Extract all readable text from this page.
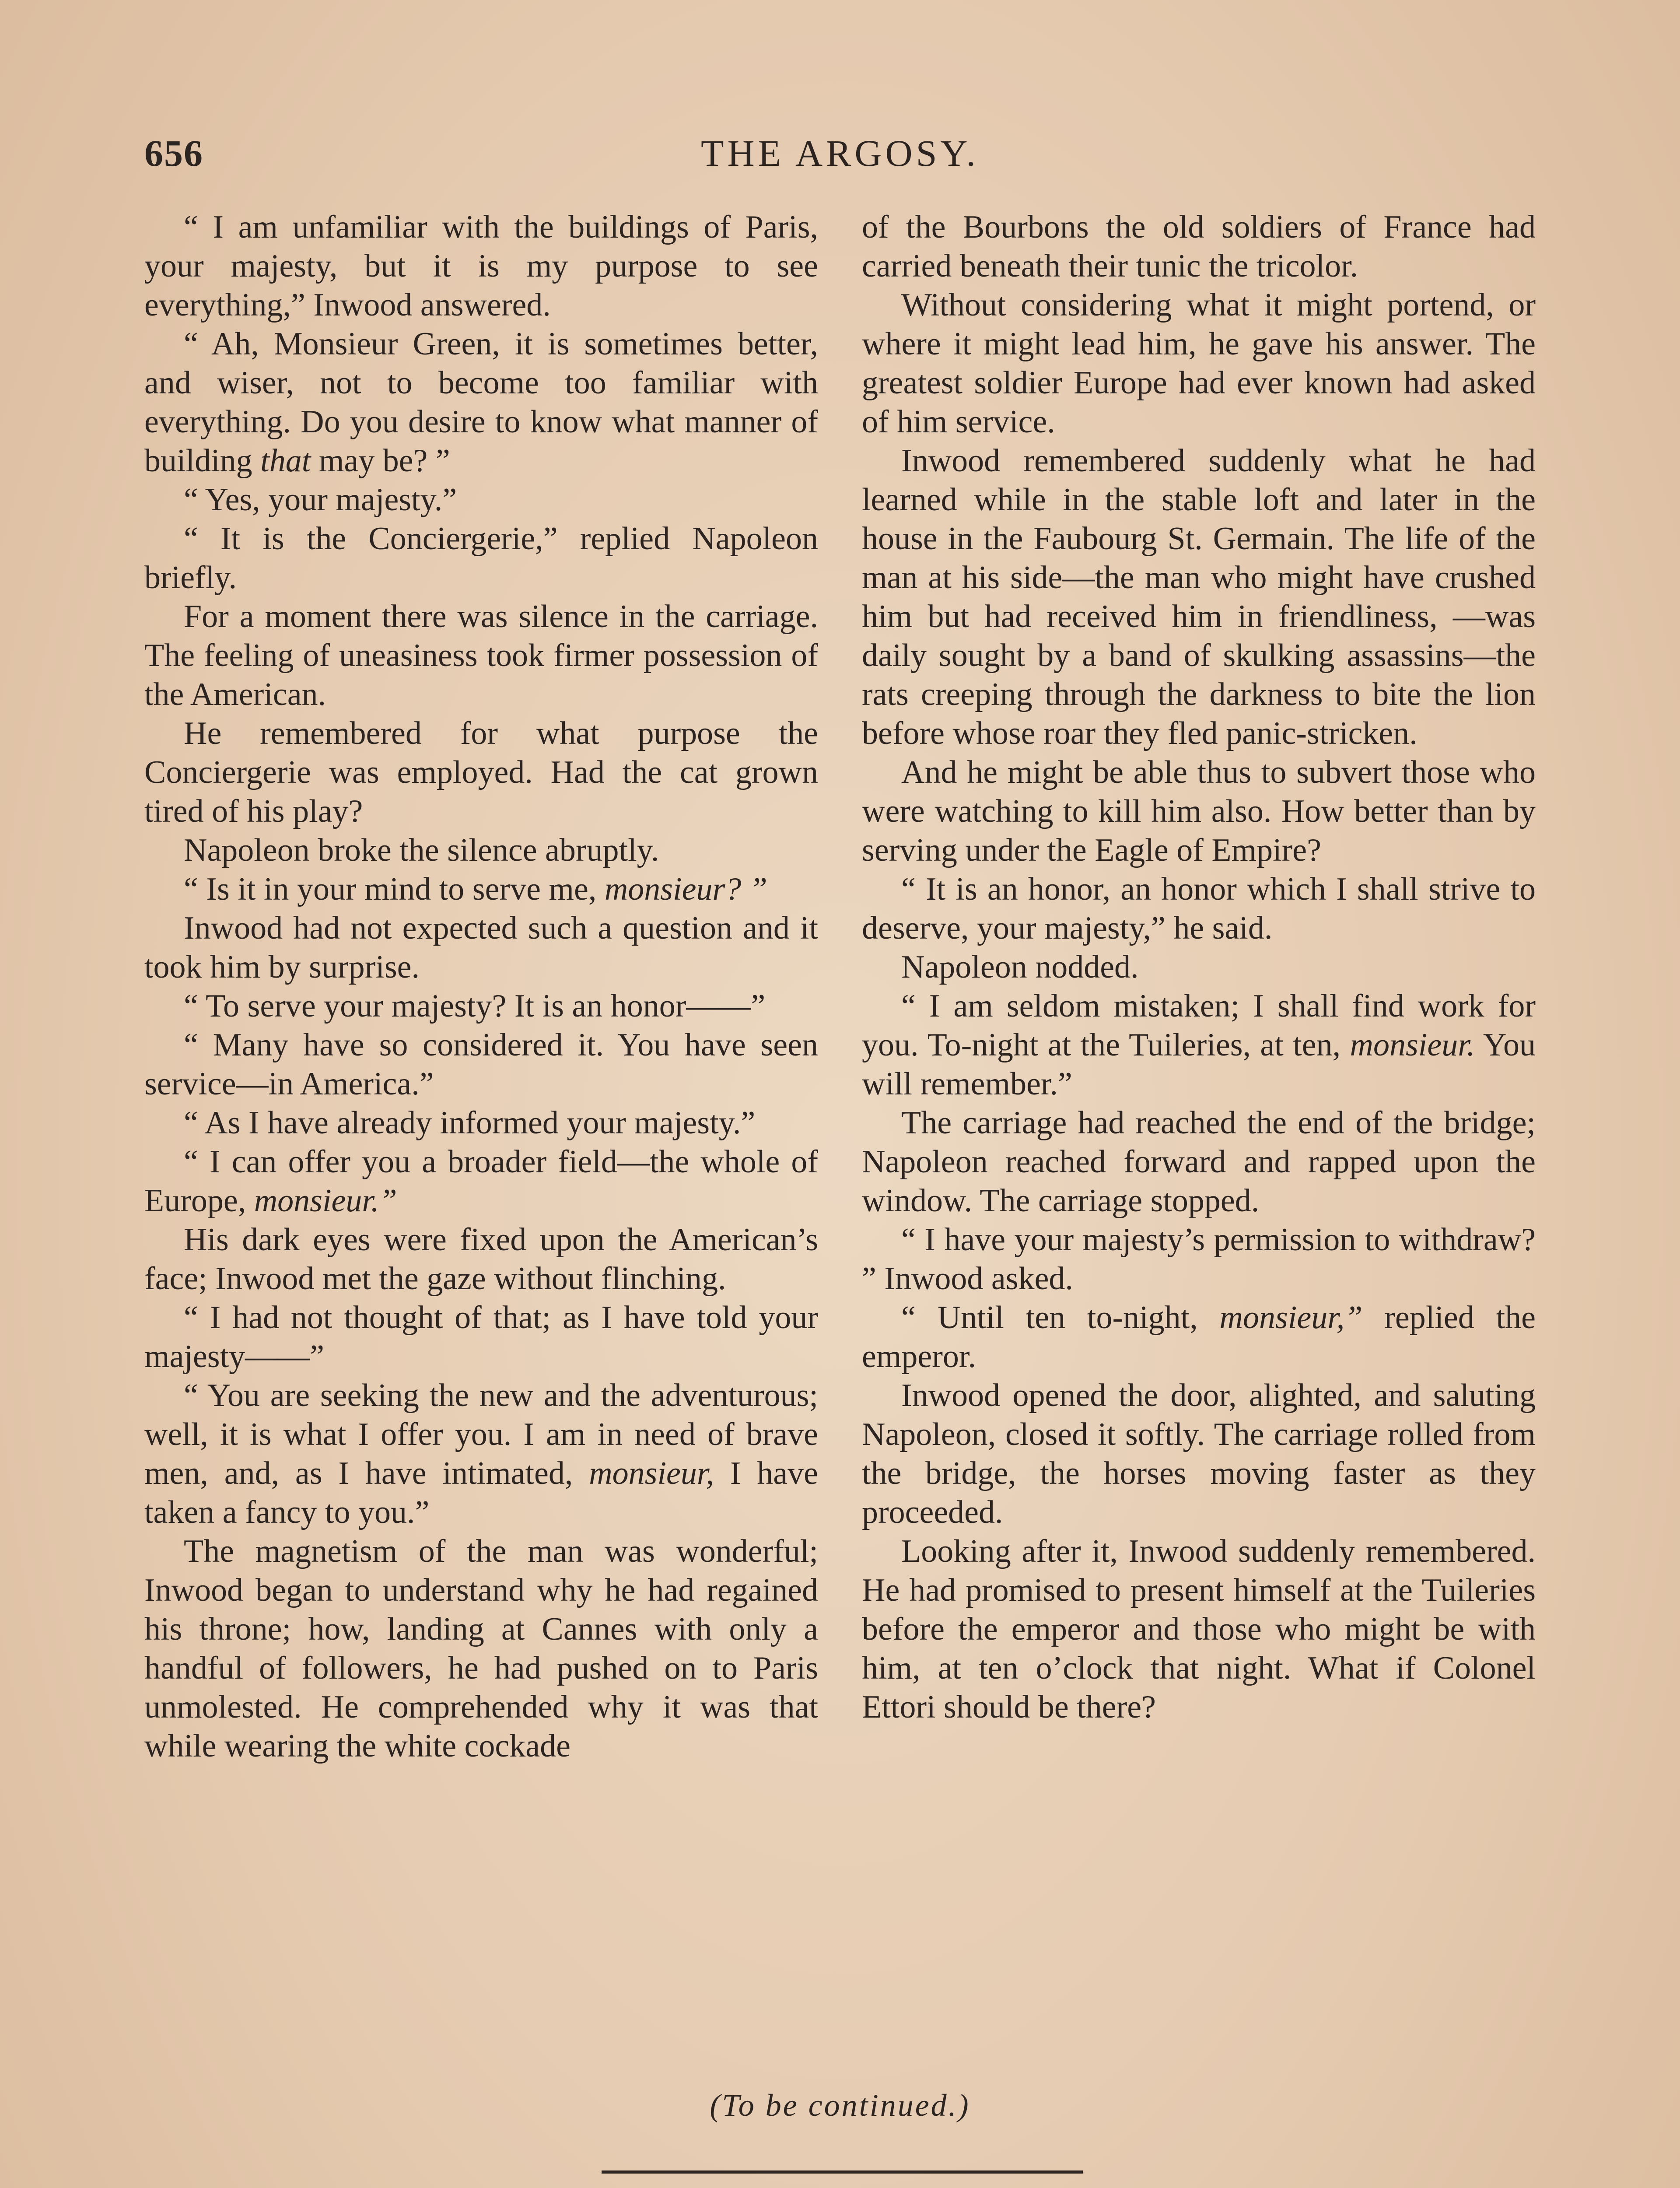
656	THE ARGOSY.

“ I am unfamiliar with the buildings of Paris, your majesty, but it is my purpose to see everything,” Inwood answered.

“ Ah, Monsieur Green, it is sometimes better, and wiser, not to become too familiar with everything. Do you desire to know what manner of building that may be? ”

“ Yes, your majesty.”

“ It is the Conciergerie,” replied Napoleon briefly.

For a moment there was silence in the carriage. The feeling of uneasiness took firmer possession of the American.

He remembered for what purpose the Conciergerie was employed. Had the cat grown tired of his play?

Napoleon broke the silence abruptly.

“ Is it in your mind to serve me, monsieur? ”

Inwood had not expected such a question and it took him by surprise.

“ To serve your majesty? It is an honor——”

“ Many have so considered it. You have seen service—in America.”

“ As I have already informed your majesty.”

“ I can offer you a broader field—the whole of Europe, monsieur.”

His dark eyes were fixed upon the American’s face; Inwood met the gaze without flinching.

“ I had not thought of that; as I have told your majesty——”

“ You are seeking the new and the adventurous; well, it is what I offer you. I am in need of brave men, and, as I have intimated, monsieur, I have taken a fancy to you.”

The magnetism of the man was wonderful; Inwood began to understand why he had regained his throne; how, landing at Cannes with only a handful of followers, he had pushed on to Paris unmolested. He comprehended why it was that while wearing the white cockade

of the Bourbons the old soldiers of France had carried beneath their tunic the tricolor.

Without considering what it might portend, or where it might lead him, he gave his answer. The greatest soldier Europe had ever known had asked of him service.

Inwood remembered suddenly what he had learned while in the stable loft and later in the house in the Faubourg St. Germain. The life of the man at his side—the man who might have crushed him but had received him in friendliness, —was daily sought by a band of skulking assassins—the rats creeping through the darkness to bite the lion before whose roar they fled panic-stricken.

And he might be able thus to subvert those who were watching to kill him also. How better than by serving under the Eagle of Empire?

“ It is an honor, an honor which I shall strive to deserve, your majesty,” he said.

Napoleon nodded.

“ I am seldom mistaken; I shall find work for you. To-night at the Tuileries, at ten, monsieur. You will remember.”

The carriage had reached the end of the bridge; Napoleon reached forward and rapped upon the window. The carriage stopped.

“ I have your majesty’s permission to withdraw? ” Inwood asked.

“ Until ten to-night, monsieur,” replied the emperor.

Inwood opened the door, alighted, and saluting Napoleon, closed it softly. The carriage rolled from the bridge, the horses moving faster as they proceeded.

Looking after it, Inwood suddenly remembered. He had promised to present himself at the Tuileries before the emperor and those who might be with him, at ten o’clock that night. What if Colonel Ettori should be there?

(To be continued.)
